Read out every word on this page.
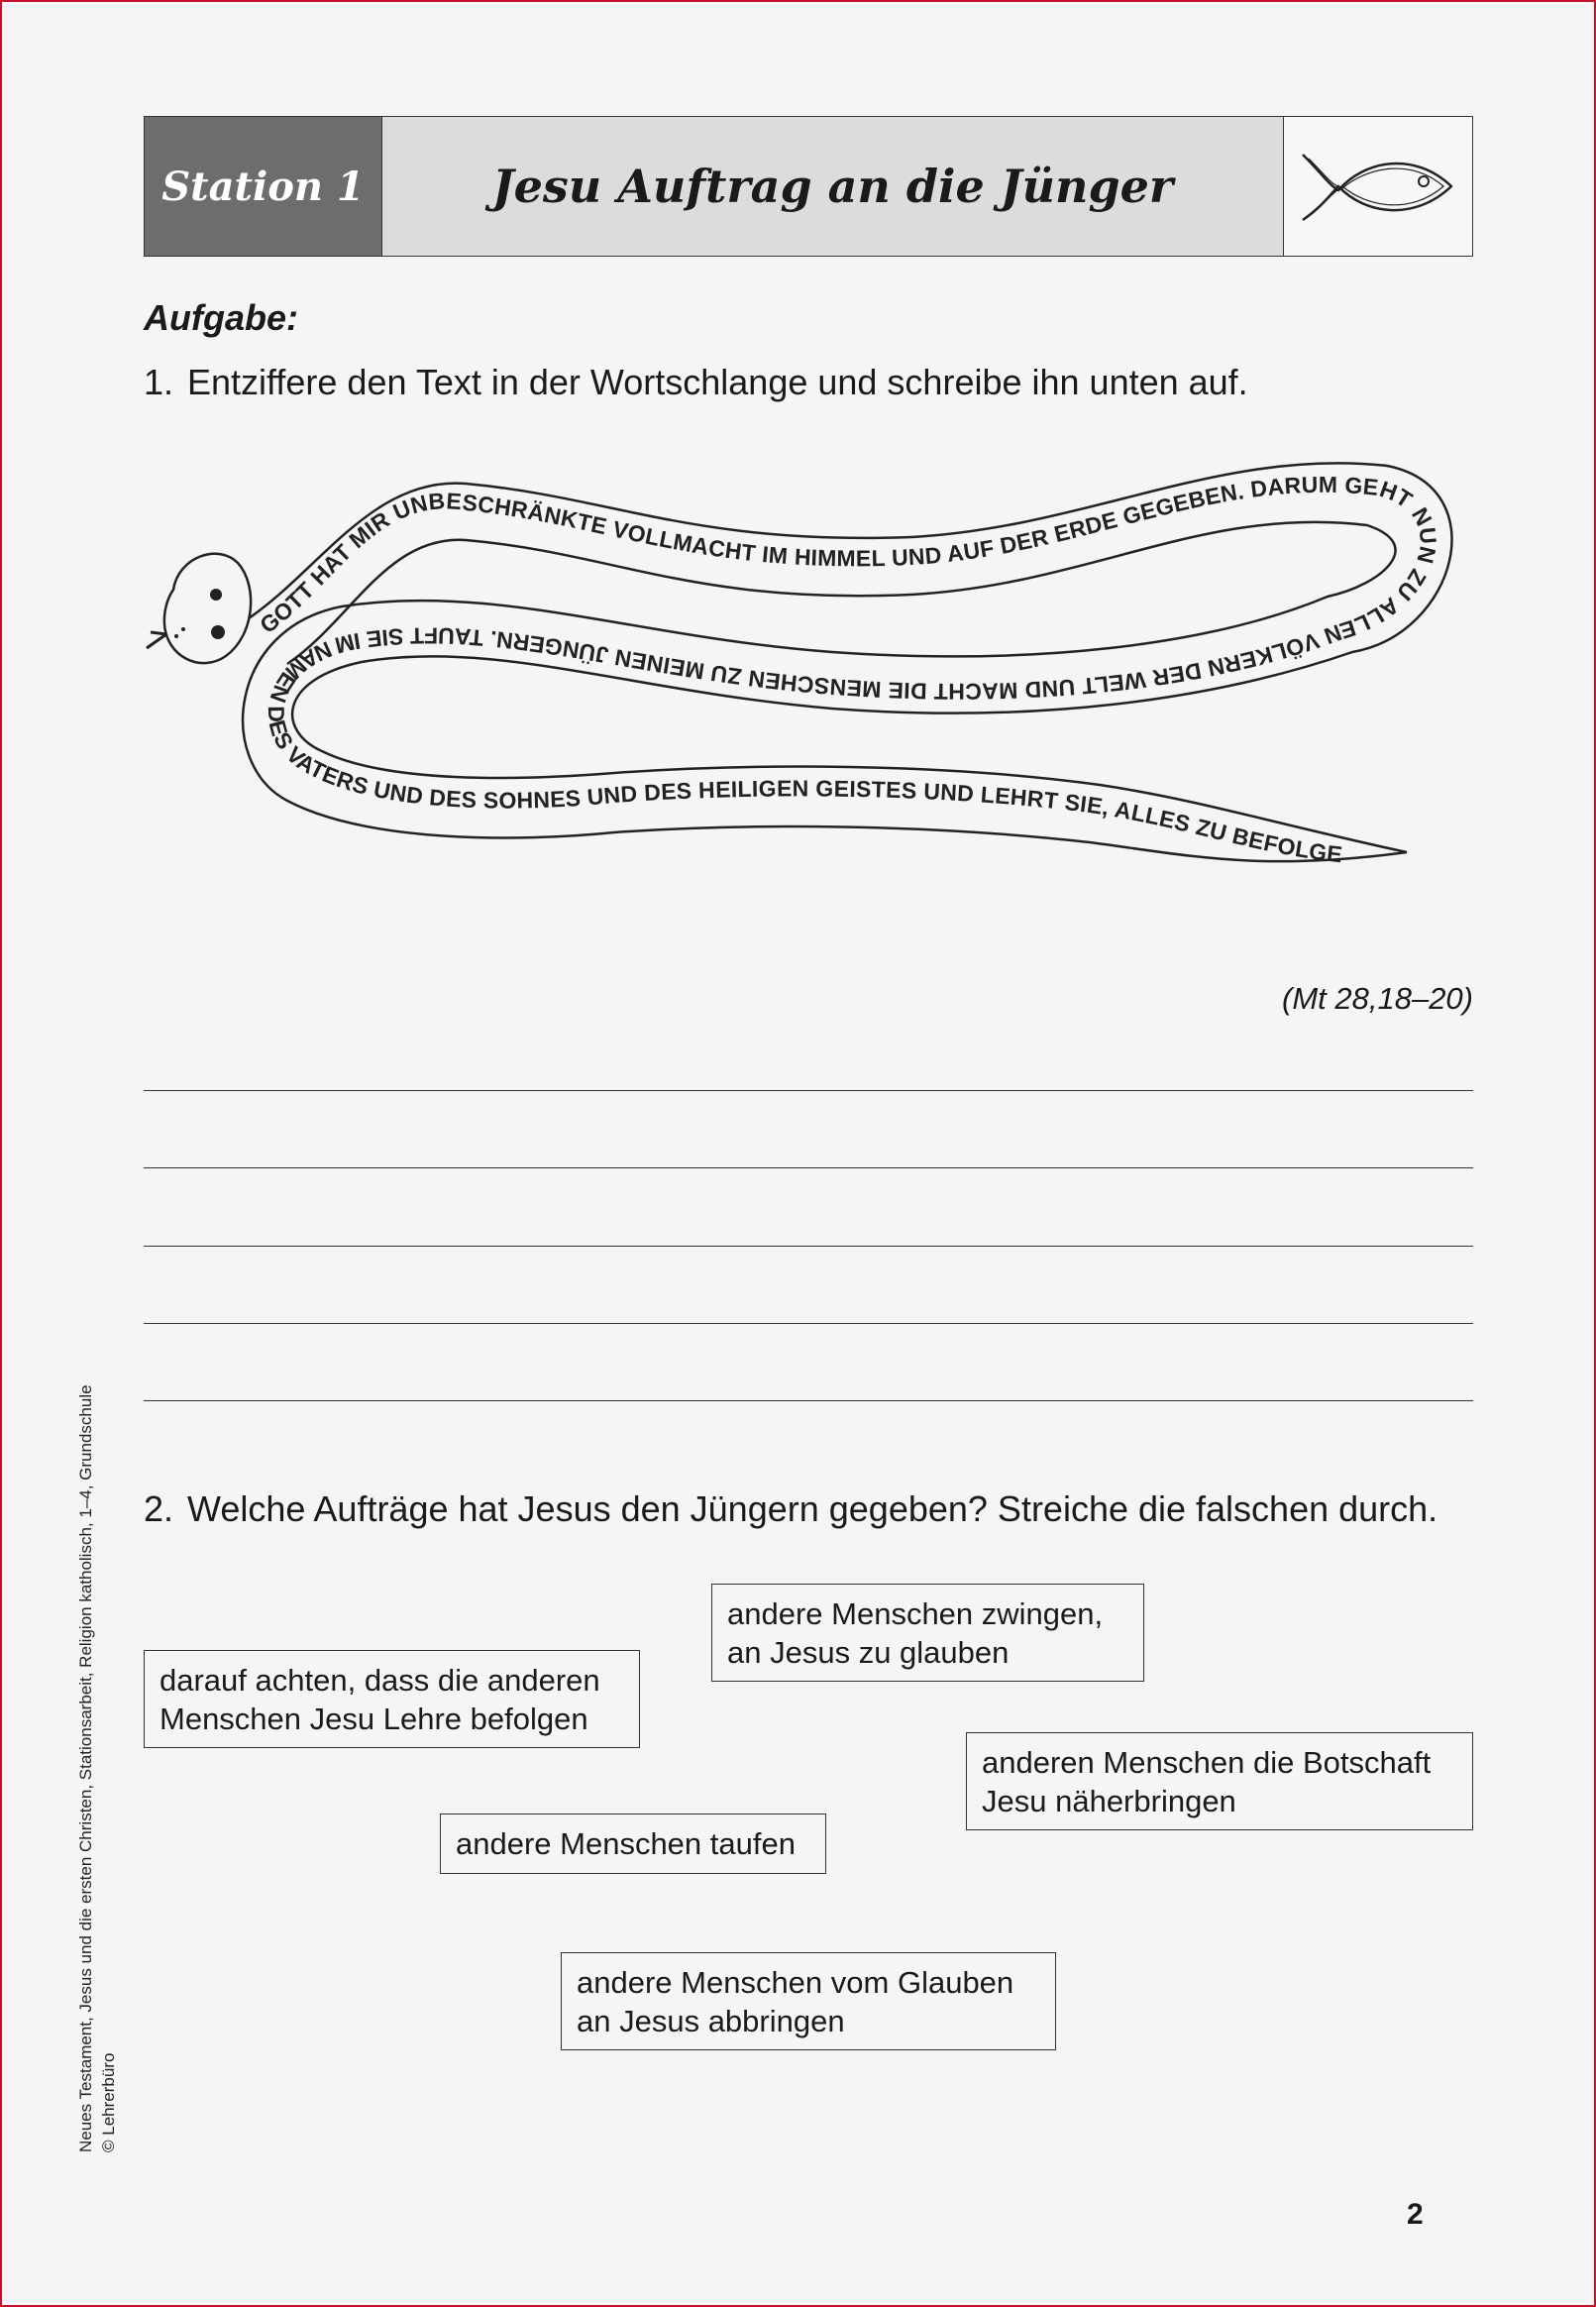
Station 1	Jesu Auftrag an die Jünger
Aufgabe:
1. Entziffere den Text in der Wortschlange und schreibe ihn unten auf.
GOTT HAT MIR UNBESCHRÄNKTE VOLLMACHT IM HIMMEL UND AUF DER ERDE GEGEBEN. DARUM GEHT NUN ZU ALLEN VÖLKERN DER WELT UND MACHT DIE MENSCHEN ZU MEINEN JÜNGERN. TAUFT SIE IM NAMEN DES VATERS UND DES SOHNES UND DES HEILIGEN GEISTES UND LEHRT SIE, ALLES ZU BEFOLGE
(Mt 28,18–20)
2. Welche Aufträge hat Jesus den Jüngern gegeben? Streiche die falschen durch.
andere Menschen zwingen,
an Jesus zu glauben
darauf achten, dass die anderen
Menschen Jesu Lehre befolgen
anderen Menschen die Botschaft
Jesu näherbringen
andere Menschen taufen
andere Menschen vom Glauben
an Jesus abbringen
Neues Testament, Jesus und die ersten Christen, Stationsarbeit, Religion katholisch, 1–4, Grundschule © Lehrerbüro
2
